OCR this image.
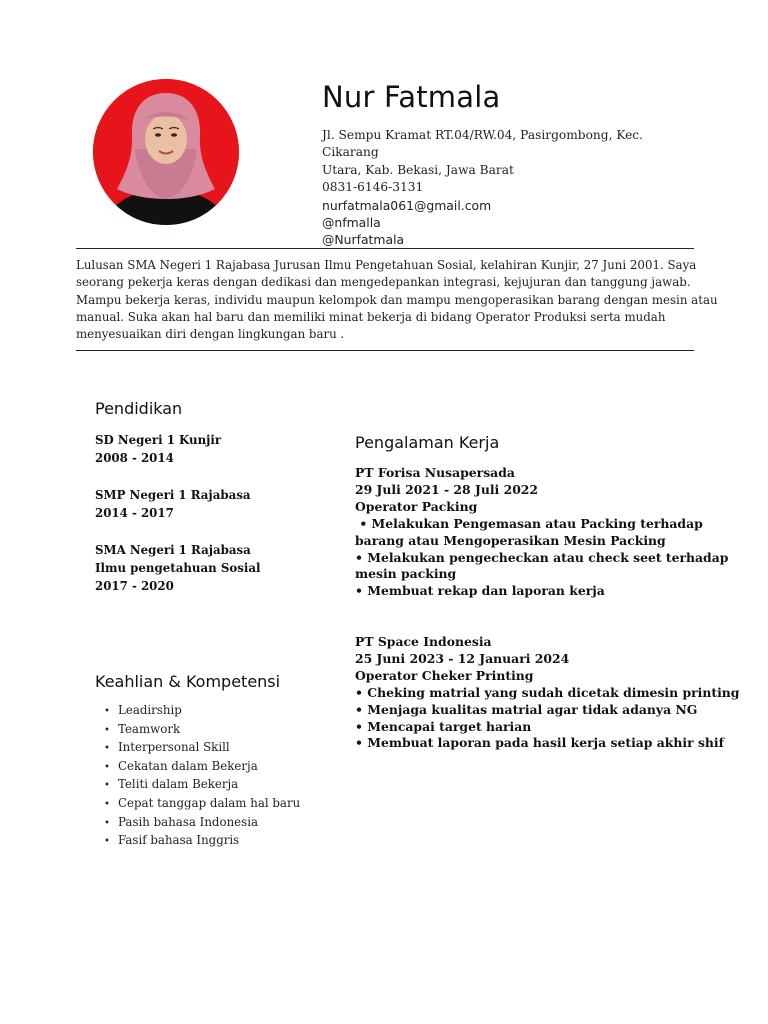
Nur Fatmala
Jl. Sempu Kramat RT.04/RW.04, Pasirgombong, Kec. Cikarang
Utara, Kab. Bekasi, Jawa Barat
0831-6146-3131
nurfatmala061@gmail.com
@nfmalla
@Nurfatmala
Lulusan SMA Negeri 1 Rajabasa Jurusan Ilmu Pengetahuan Sosial, kelahiran Kunjir, 27 Juni 2001. Saya
seorang pekerja keras dengan dedikasi dan mengedepankan integrasi, kejujuran dan tanggung jawab.
Mampu bekerja keras, individu maupun kelompok dan mampu mengoperasikan barang dengan mesin atau
manual. Suka akan hal baru dan memiliki minat bekerja di bidang Operator Produksi serta mudah
menyesuaikan diri dengan lingkungan baru .
Pendidikan
SD Negeri 1 Kunjir
2008 - 2014
SMP Negeri 1 Rajabasa
2014 - 2017
SMA Negeri 1 Rajabasa
Ilmu pengetahuan Sosial
2017 - 2020
Keahlian & Kompetensi
• Leadirship
• Teamwork
• Interpersonal Skill
• Cekatan dalam Bekerja
• Teliti dalam Bekerja
• Cepat tanggap dalam hal baru
• Pasih bahasa Indonesia
• Fasif bahasa Inggris
Pengalaman Kerja
PT Forisa Nusapersada
29 Juli 2021 - 28 Juli 2022
Operator Packing
• Melakukan Pengemasan atau Packing terhadap
barang atau Mengoperasikan Mesin Packing
• Melakukan pengecheckan atau check seet terhadap
mesin packing
• Membuat rekap dan laporan kerja
PT Space Indonesia
25 Juni 2023 - 12 Januari 2024
Operator Cheker Printing
• Cheking matrial yang sudah dicetak dimesin printing
• Menjaga kualitas matrial agar tidak adanya NG
• Mencapai target harian
• Membuat laporan pada hasil kerja setiap akhir shif
